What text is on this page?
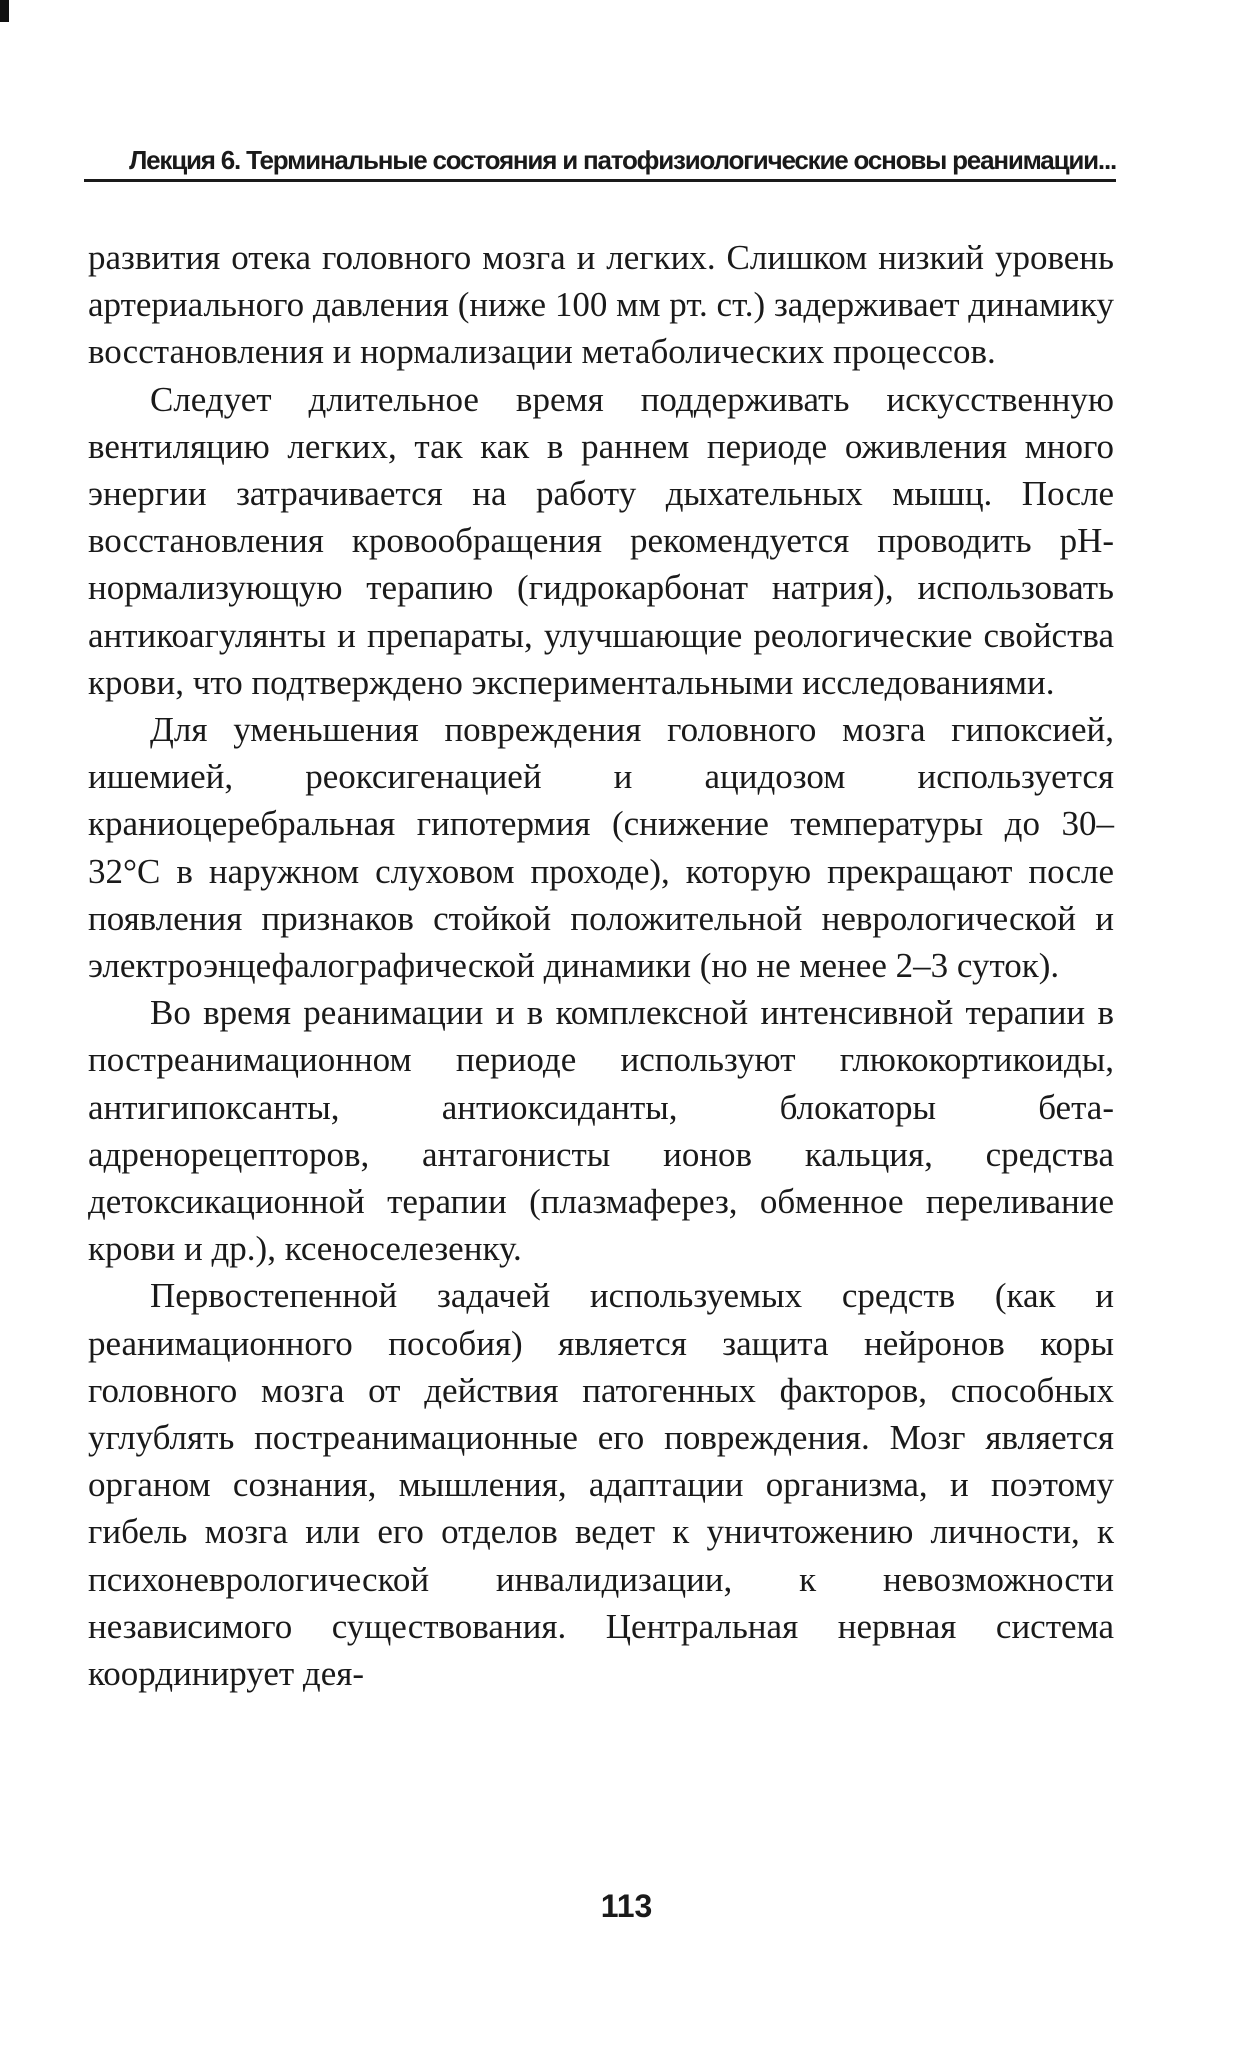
Лекция 6. Терминальные состояния и патофизиологические основы реанимации...

развития отека головного мозга и легких. Слишком низкий уровень артериального давления (ниже 100 мм рт. ст.) задерживает динамику восстановления и нормализации метаболических процессов.

Следует длительное время поддерживать искусственную вентиляцию легких, так как в раннем периоде оживления много энергии затрачивается на работу дыхательных мышц. После восстановления кровообращения рекомендуется проводить рН-нормализующую терапию (гидрокарбонат натрия), использовать антикоагулянты и препараты, улучшающие реологические свойства крови, что подтверждено экспериментальными исследованиями.

Для уменьшения повреждения головного мозга гипоксией, ишемией, реоксигенацией и ацидозом используется краниоцеребральная гипотермия (снижение температуры до 30–32°С в наружном слуховом проходе), которую прекращают после появления признаков стойкой положительной неврологической и электроэнцефалографической динамики (но не менее 2–3 суток).

Во время реанимации и в комплексной интенсивной терапии в постреанимационном периоде используют глюкокортикоиды, антигипоксанты, антиоксиданты, блокаторы бета-адренорецепторов, антагонисты ионов кальция, средства детоксикационной терапии (плазмаферез, обменное переливание крови и др.), ксеноселезенку.

Первостепенной задачей используемых средств (как и реанимационного пособия) является защита нейронов коры головного мозга от действия патогенных факторов, способных углублять постреанимационные его повреждения. Мозг является органом сознания, мышления, адаптации организма, и поэтому гибель мозга или его отделов ведет к уничтожению личности, к психоневрологической инвалидизации, к невозможности независимого существования. Центральная нервная система координирует дея-

113
